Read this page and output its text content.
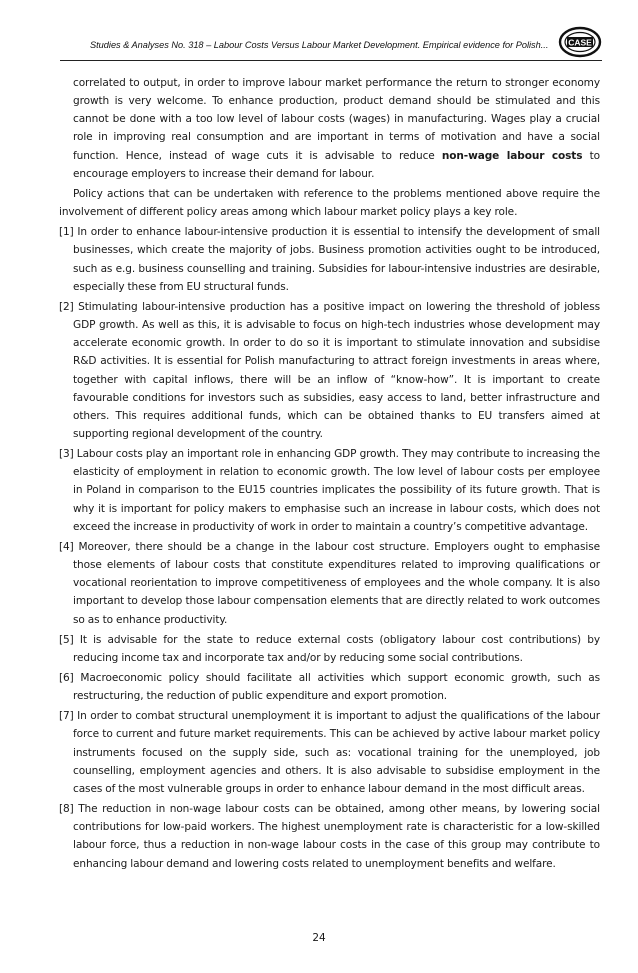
Studies & Analyses No. 318 – Labour Costs Versus Labour Market Development. Empirical evidence for Polish... CASE

correlated to output, in order to improve labour market performance the return to stronger economy growth is very welcome. To enhance production, product demand should be stimulated and this cannot be done with a too low level of labour costs (wages) in manufacturing. Wages play a crucial role in improving real consumption and are important in terms of motivation and have a social function. Hence, instead of wage cuts it is advisable to reduce non-wage labour costs to encourage employers to increase their demand for labour.

Policy actions that can be undertaken with reference to the problems mentioned above require the involvement of different policy areas among which labour market policy plays a key role.

[1] In order to enhance labour-intensive production it is essential to intensify the development of small businesses, which create the majority of jobs. Business promotion activities ought to be introduced, such as e.g. business counselling and training. Subsidies for labour-intensive industries are desirable, especially these from EU structural funds.

[2] Stimulating labour-intensive production has a positive impact on lowering the threshold of jobless GDP growth. As well as this, it is advisable to focus on high-tech industries whose development may accelerate economic growth. In order to do so it is important to stimulate innovation and subsidise R&D activities. It is essential for Polish manufacturing to attract foreign investments in areas where, together with capital inflows, there will be an inflow of “know-how”. It is important to create favourable conditions for investors such as subsidies, easy access to land, better infrastructure and others. This requires additional funds, which can be obtained thanks to EU transfers aimed at supporting regional development of the country.

[3] Labour costs play an important role in enhancing GDP growth. They may contribute to increasing the elasticity of employment in relation to economic growth. The low level of labour costs per employee in Poland in comparison to the EU15 countries implicates the possibility of its future growth. That is why it is important for policy makers to emphasise such an increase in labour costs, which does not exceed the increase in productivity of work in order to maintain a country’s competitive advantage.

[4] Moreover, there should be a change in the labour cost structure. Employers ought to emphasise those elements of labour costs that constitute expenditures related to improving qualifications or vocational reorientation to improve competitiveness of employees and the whole company. It is also important to develop those labour compensation elements that are directly related to work outcomes so as to enhance productivity.

[5] It is advisable for the state to reduce external costs (obligatory labour cost contributions) by reducing income tax and incorporate tax and/or by reducing some social contributions.

[6] Macroeconomic policy should facilitate all activities which support economic growth, such as restructuring, the reduction of public expenditure and export promotion.

[7] In order to combat structural unemployment it is important to adjust the qualifications of the labour force to current and future market requirements. This can be achieved by active labour market policy instruments focused on the supply side, such as: vocational training for the unemployed, job counselling, employment agencies and others. It is also advisable to subsidise employment in the cases of the most vulnerable groups in order to enhance labour demand in the most difficult areas.

[8] The reduction in non-wage labour costs can be obtained, among other means, by lowering social contributions for low-paid workers. The highest unemployment rate is characteristic for a low-skilled labour force, thus a reduction in non-wage labour costs in the case of this group may contribute to enhancing labour demand and lowering costs related to unemployment benefits and welfare.

24
